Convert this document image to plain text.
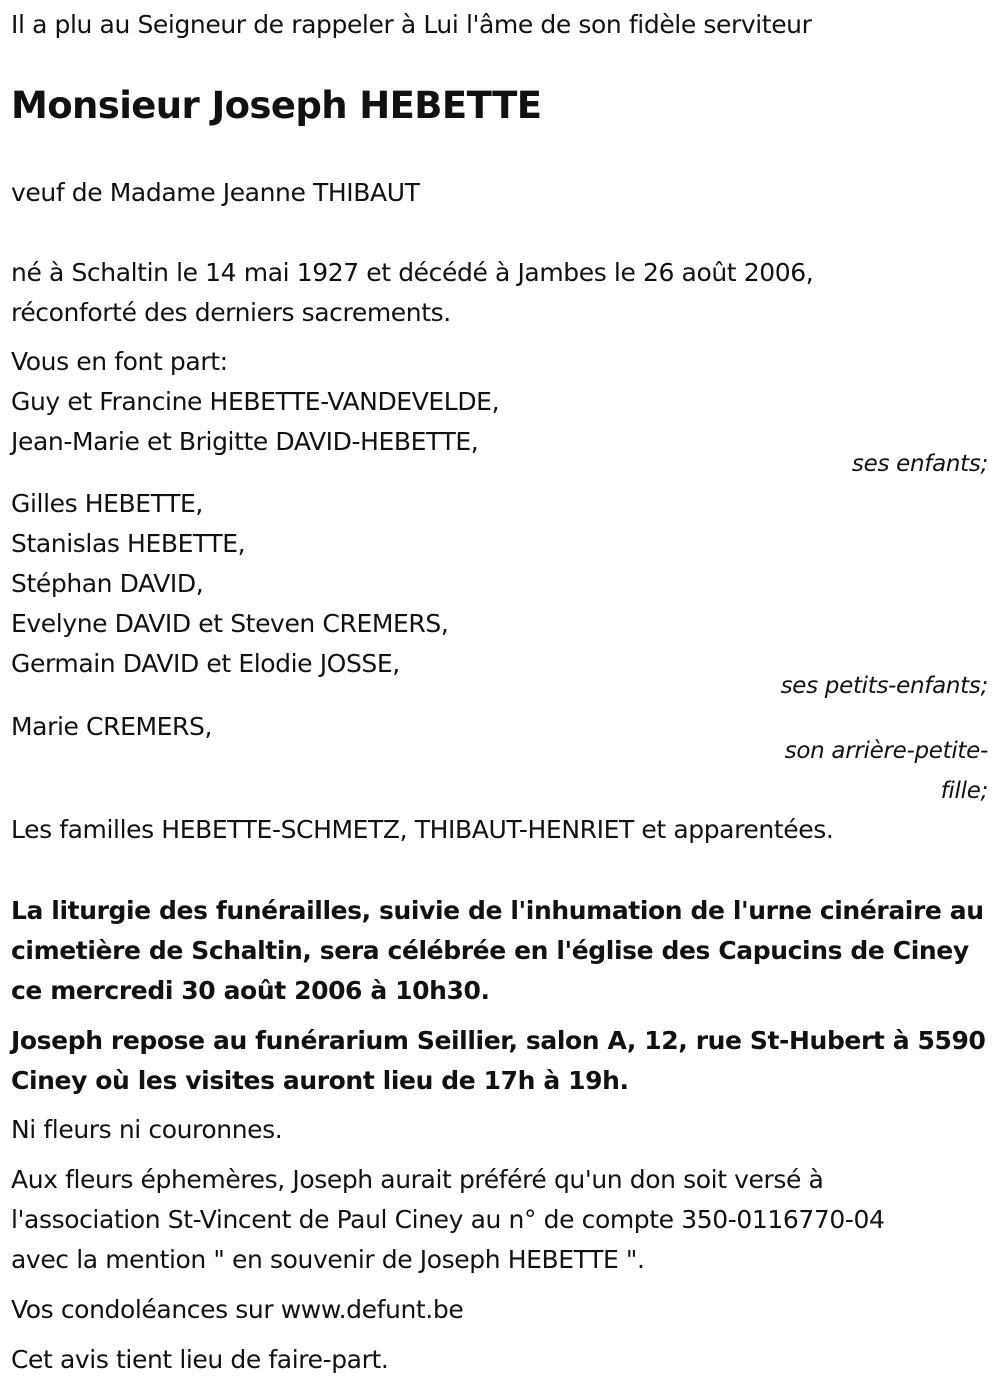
Il a plu au Seigneur de rappeler à Lui l'âme de son fidèle serviteur

Monsieur Joseph HEBETTE

veuf de Madame Jeanne THIBAUT

né à Schaltin le 14 mai 1927 et décédé à Jambes le 26 août 2006,

réconforté des derniers sacrements.

Vous en font part:

Guy et Francine HEBETTE-VANDEVELDE,

Jean-Marie et Brigitte DAVID-HEBETTE,

ses enfants;

Gilles HEBETTE,

Stanislas HEBETTE,

Stéphan DAVID,

Evelyne DAVID et Steven CREMERS,

Germain DAVID et Elodie JOSSE,

ses petits-enfants;

Marie CREMERS,

son arrière-petite-

fille;

Les familles HEBETTE-SCHMETZ, THIBAUT-HENRIET et apparentées.

La liturgie des funérailles, suivie de l'inhumation de l'urne cinéraire au

cimetière de Schaltin, sera célébrée en l'église des Capucins de Ciney

ce mercredi 30 août 2006 à 10h30.

Joseph repose au funérarium Seillier, salon A, 12, rue St-Hubert à 5590

Ciney où les visites auront lieu de 17h à 19h.

Ni fleurs ni couronnes.

Aux fleurs éphemères, Joseph aurait préféré qu'un don soit versé à

l'association St-Vincent de Paul Ciney au n° de compte 350-0116770-04

avec la mention " en souvenir de Joseph HEBETTE ".

Vos condoléances sur www.defunt.be

Cet avis tient lieu de faire-part.
